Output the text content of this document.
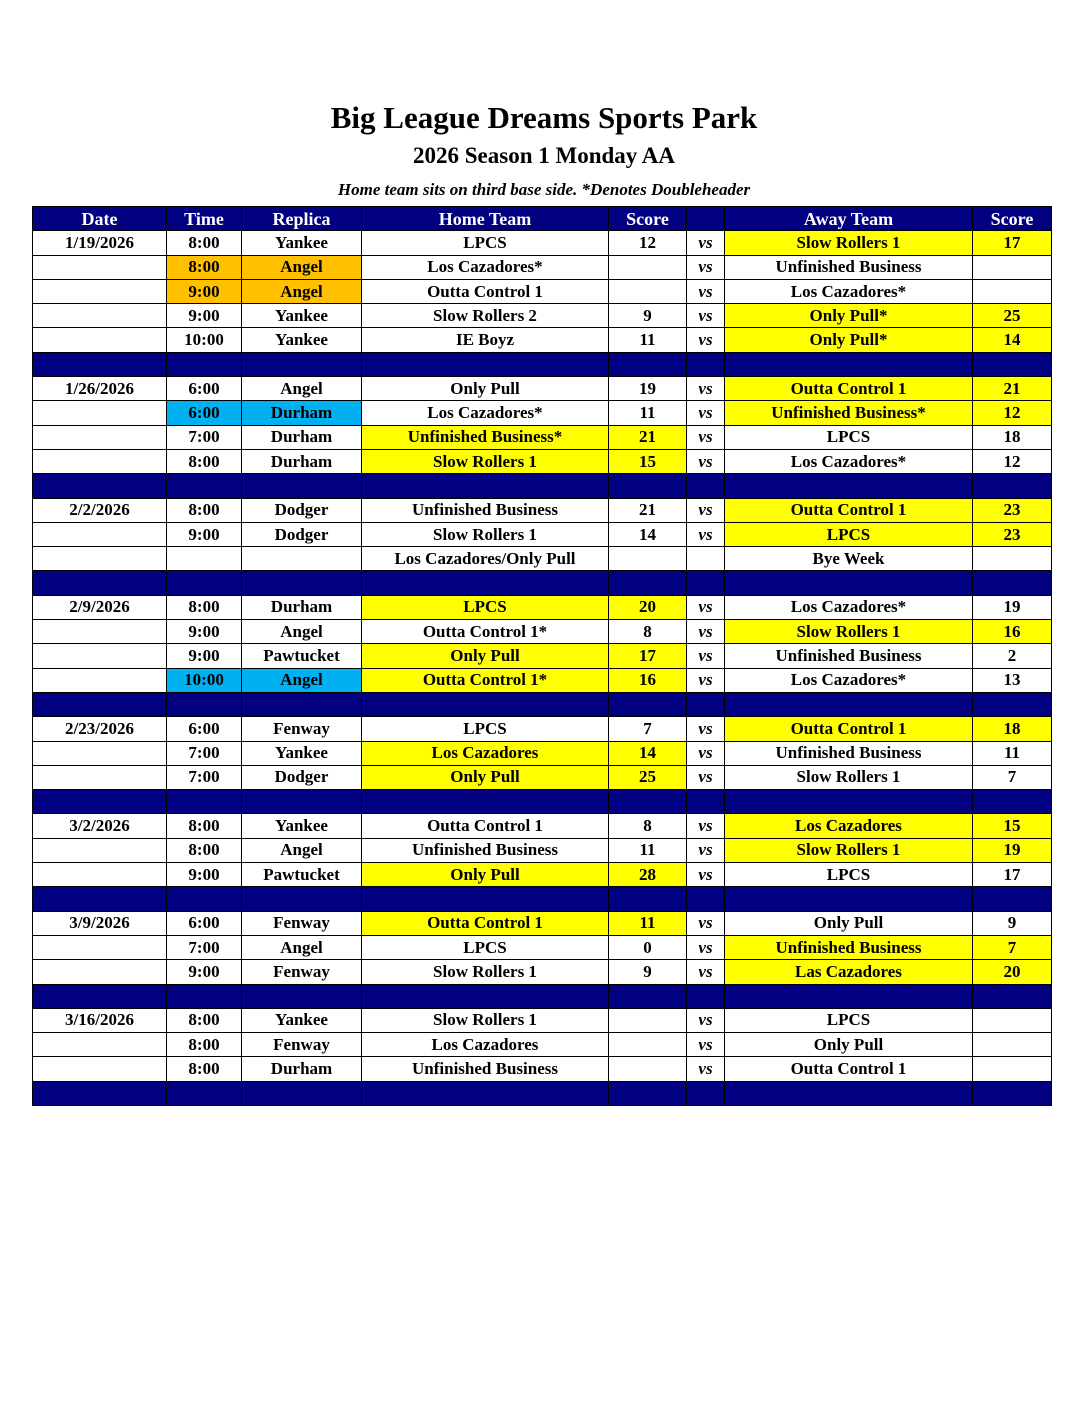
Big League Dreams Sports Park
2026 Season 1 Monday AA
Home team sits on third base side. *Denotes Doubleheader
Date	Time	Replica	Home Team	Score		Away Team	Score
1/19/2026	8:00	Yankee	LPCS	12	vs	Slow Rollers 1	17
	8:00	Angel	Los Cazadores*		vs	Unfinished Business	
	9:00	Angel	Outta Control 1		vs	Los Cazadores*	
	9:00	Yankee	Slow Rollers 2	9	vs	Only Pull*	25
	10:00	Yankee	IE Boyz	11	vs	Only Pull*	14

1/26/2026	6:00	Angel	Only Pull	19	vs	Outta Control 1	21
	6:00	Durham	Los Cazadores*	11	vs	Unfinished Business*	12
	7:00	Durham	Unfinished Business*	21	vs	LPCS	18
	8:00	Durham	Slow Rollers 1	15	vs	Los Cazadores*	12

2/2/2026	8:00	Dodger	Unfinished Business	21	vs	Outta Control 1	23
	9:00	Dodger	Slow Rollers 1	14	vs	LPCS	23
			Los Cazadores/Only Pull			Bye Week	

2/9/2026	8:00	Durham	LPCS	20	vs	Los Cazadores*	19
	9:00	Angel	Outta Control 1*	8	vs	Slow Rollers 1	16
	9:00	Pawtucket	Only Pull	17	vs	Unfinished Business	2
	10:00	Angel	Outta Control 1*	16	vs	Los Cazadores*	13

2/23/2026	6:00	Fenway	LPCS	7	vs	Outta Control 1	18
	7:00	Yankee	Los Cazadores	14	vs	Unfinished Business	11
	7:00	Dodger	Only Pull	25	vs	Slow Rollers 1	7

3/2/2026	8:00	Yankee	Outta Control 1	8	vs	Los Cazadores	15
	8:00	Angel	Unfinished Business	11	vs	Slow Rollers 1	19
	9:00	Pawtucket	Only Pull	28	vs	LPCS	17

3/9/2026	6:00	Fenway	Outta Control 1	11	vs	Only Pull	9
	7:00	Angel	LPCS	0	vs	Unfinished Business	7
	9:00	Fenway	Slow Rollers 1	9	vs	Las Cazadores	20

3/16/2026	8:00	Yankee	Slow Rollers 1		vs	LPCS	
	8:00	Fenway	Los Cazadores		vs	Only Pull	
	8:00	Durham	Unfinished Business		vs	Outta Control 1	
